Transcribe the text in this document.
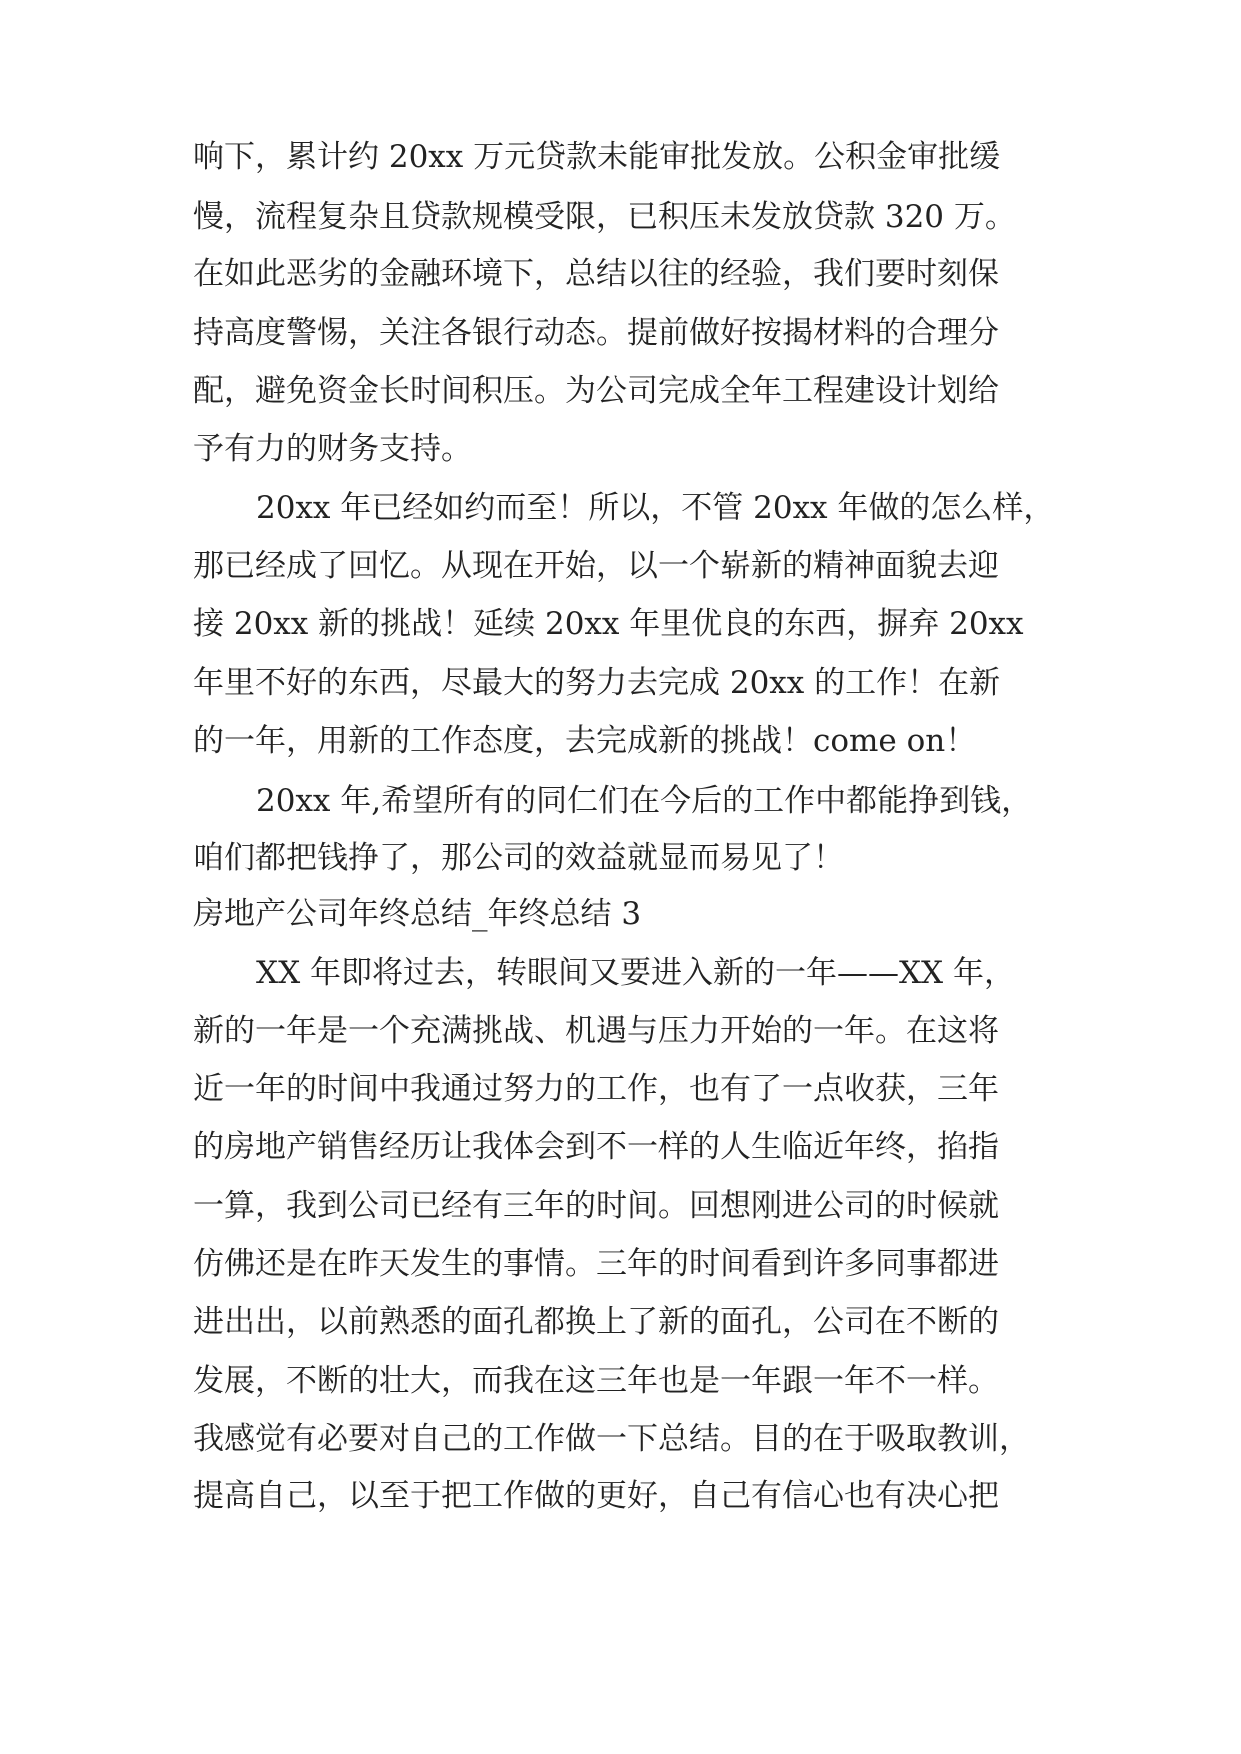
响下，累计约 20xx 万元贷款未能审批发放。公积金审批缓
慢，流程复杂且贷款规模受限，已积压未发放贷款 320 万。
在如此恶劣的金融环境下，总结以往的经验，我们要时刻保
持高度警惕，关注各银行动态。提前做好按揭材料的合理分
配，避免资金长时间积压。为公司完成全年工程建设计划给
予有力的财务支持。
20xx 年已经如约而至！所以，不管 20xx 年做的怎么样，
那已经成了回忆。从现在开始，以一个崭新的精神面貌去迎
接 20xx 新的挑战！延续 20xx 年里优良的东西，摒弃 20xx
年里不好的东西，尽最大的努力去完成 20xx 的工作！在新
的一年，用新的工作态度，去完成新的挑战！come on！
20xx 年,希望所有的同仁们在今后的工作中都能挣到钱，
咱们都把钱挣了，那公司的效益就显而易见了！
房地产公司年终总结_年终总结 3
XX 年即将过去，转眼间又要进入新的一年——XX 年，
新的一年是一个充满挑战、机遇与压力开始的一年。在这将
近一年的时间中我通过努力的工作，也有了一点收获，三年
的房地产销售经历让我体会到不一样的人生临近年终，掐指
一算，我到公司已经有三年的时间。回想刚进公司的时候就
仿佛还是在昨天发生的事情。三年的时间看到许多同事都进
进出出，以前熟悉的面孔都换上了新的面孔，公司在不断的
发展，不断的壮大，而我在这三年也是一年跟一年不一样。
我感觉有必要对自己的工作做一下总结。目的在于吸取教训，
提高自己，以至于把工作做的更好，自己有信心也有决心把
